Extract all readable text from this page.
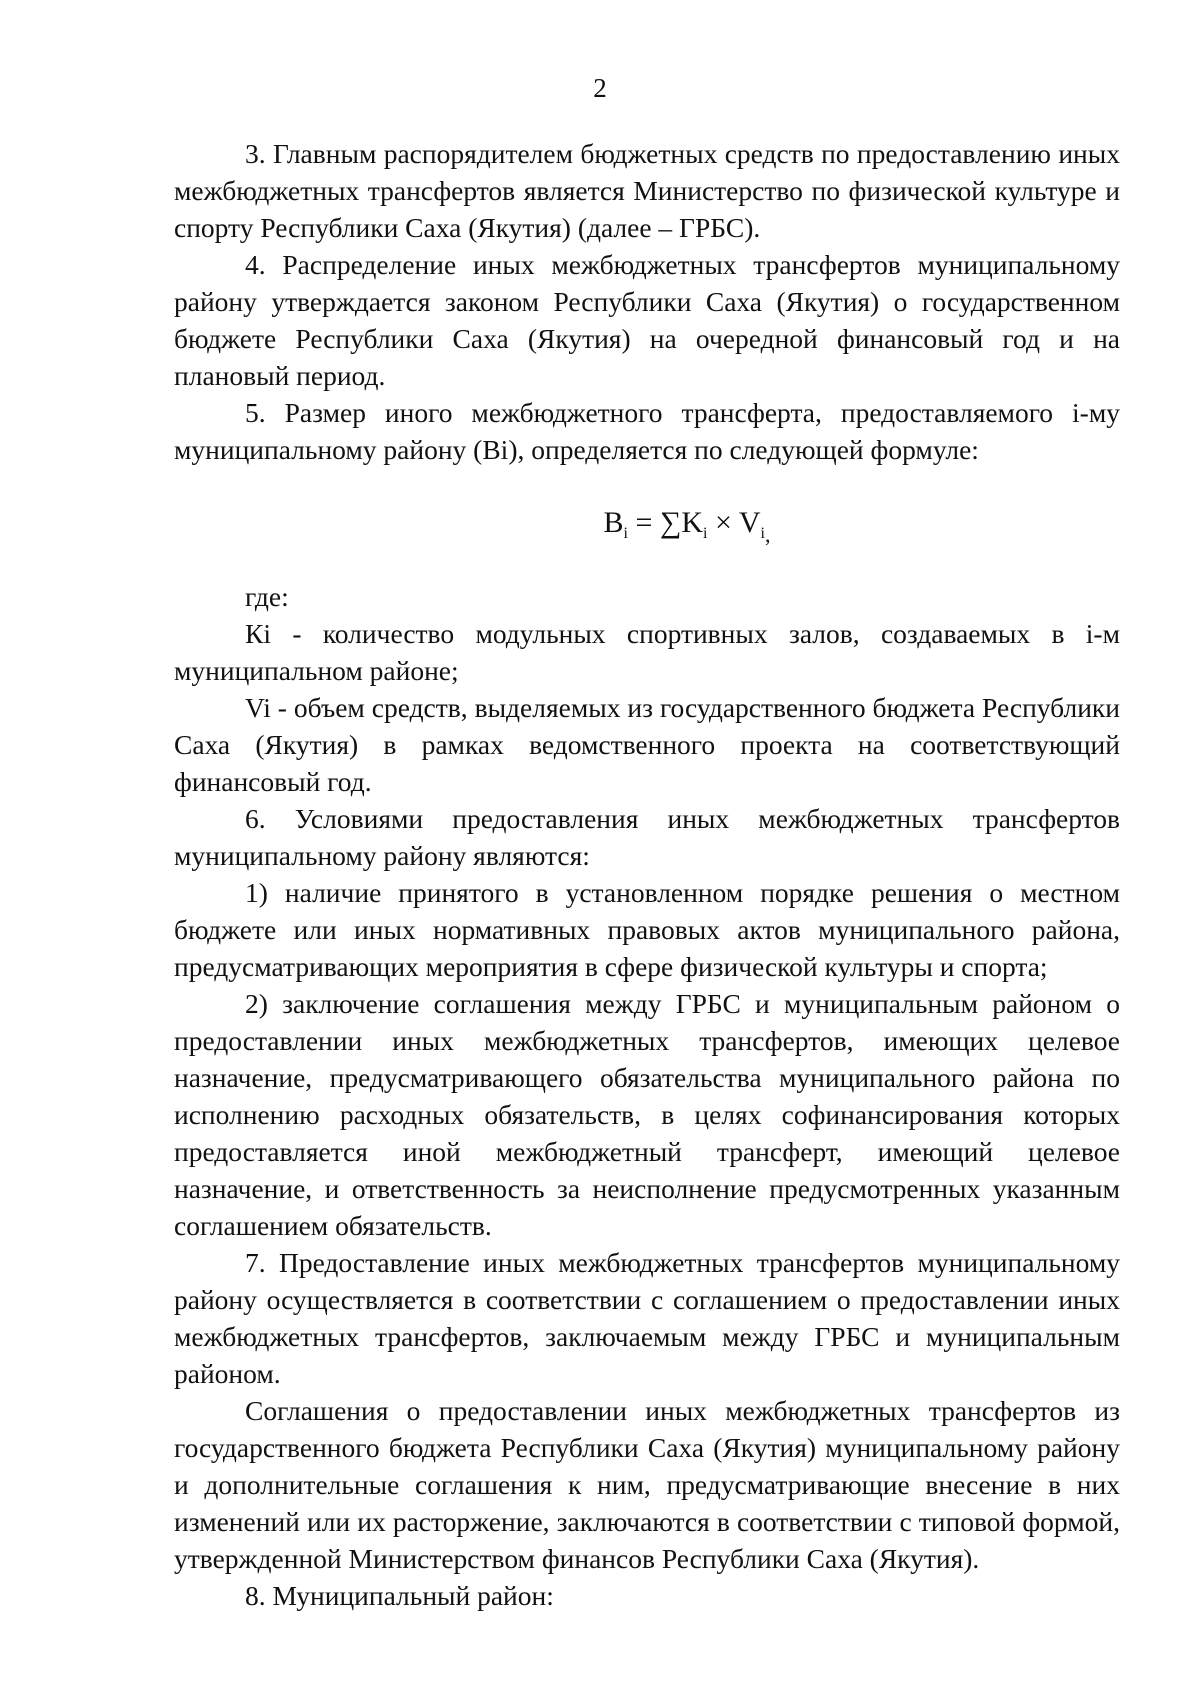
2

3. Главным распорядителем бюджетных средств по предоставлению иных межбюджетных трансфертов является Министерство по физической культуре и спорту Республики Саха (Якутия) (далее – ГРБС).

4. Распределение иных межбюджетных трансфертов муниципальному району утверждается законом Республики Саха (Якутия) о государственном бюджете Республики Саха (Якутия) на очередной финансовый год и на плановый период.

5. Размер иного межбюджетного трансферта, предоставляемого i-му муниципальному району (Вi), определяется по следующей формуле:

$B_i = \sum K_i \times V_{i,}$

где:

Кi - количество модульных спортивных залов, создаваемых в i-м муниципальном районе;

Vi - объем средств, выделяемых из государственного бюджета Республики Саха (Якутия) в рамках ведомственного проекта на соответствующий финансовый год.

6. Условиями предоставления иных межбюджетных трансфертов муниципальному району являются:

1) наличие принятого в установленном порядке решения о местном бюджете или иных нормативных правовых актов муниципального района, предусматривающих мероприятия в сфере физической культуры и спорта;

2) заключение соглашения между ГРБС и муниципальным районом о предоставлении иных межбюджетных трансфертов, имеющих целевое назначение, предусматривающего обязательства муниципального района по исполнению расходных обязательств, в целях софинансирования которых предоставляется иной межбюджетный трансферт, имеющий целевое назначение, и ответственность за неисполнение предусмотренных указанным соглашением обязательств.

7. Предоставление иных межбюджетных трансфертов муниципальному району осуществляется в соответствии с соглашением о предоставлении иных межбюджетных трансфертов, заключаемым между ГРБС и муниципальным районом.

Соглашения о предоставлении иных межбюджетных трансфертов из государственного бюджета Республики Саха (Якутия) муниципальному району и дополнительные соглашения к ним, предусматривающие внесение в них изменений или их расторжение, заключаются в соответствии с типовой формой, утвержденной Министерством финансов Республики Саха (Якутия).

8. Муниципальный район:
